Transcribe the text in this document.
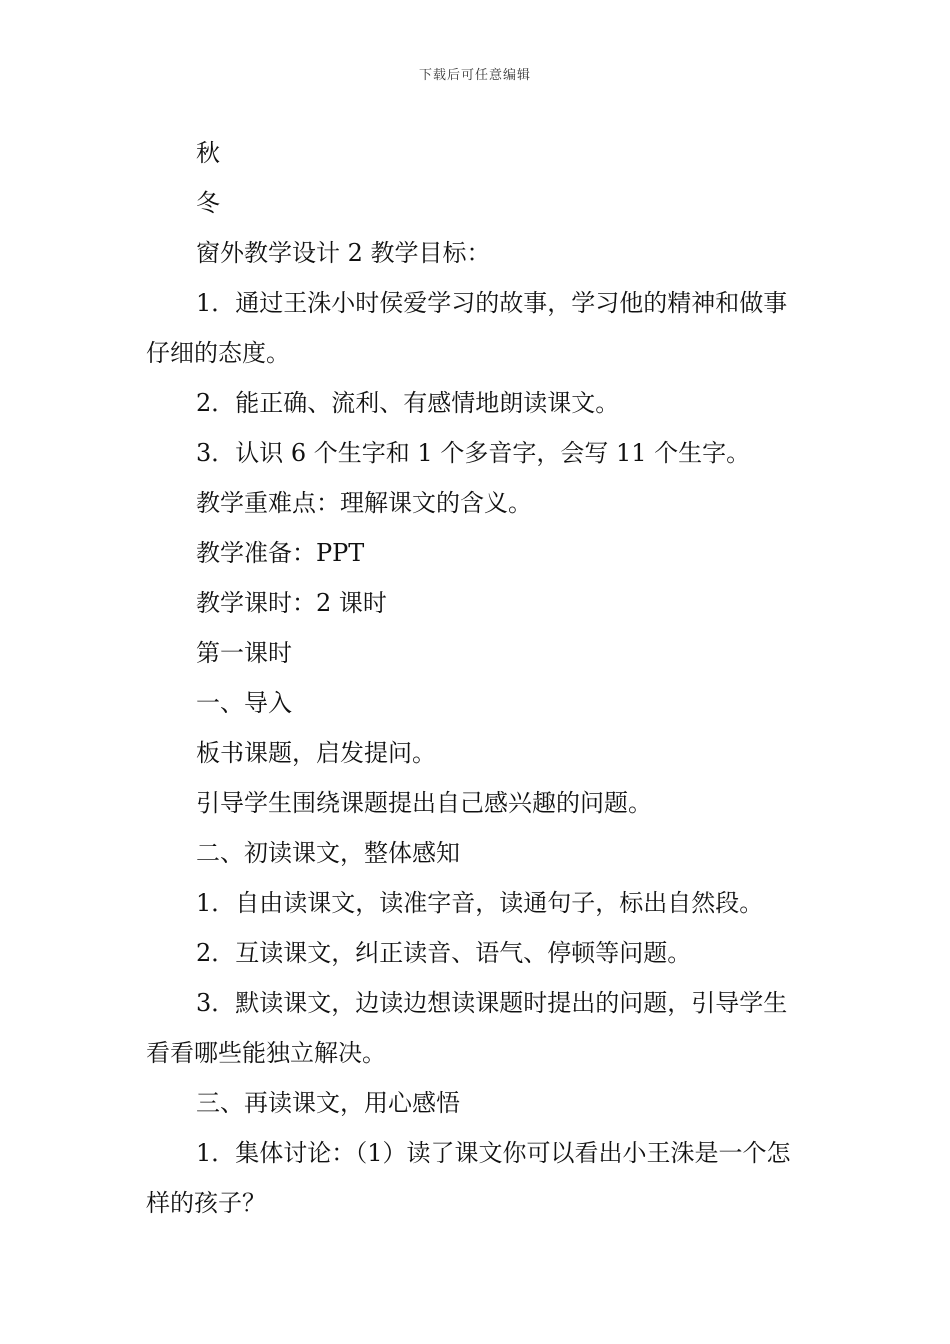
下载后可任意编辑

秋

冬

窗外教学设计 2 教学目标：

1．通过王洙小时侯爱学习的故事，学习他的精神和做事仔细的态度。

2．能正确、流利、有感情地朗读课文。

3．认识 6 个生字和 1 个多音字，会写 11 个生字。

教学重难点：理解课文的含义。

教学准备：PPT

教学课时：2 课时

第一课时

一、导入

板书课题，启发提问。

引导学生围绕课题提出自己感兴趣的问题。

二、初读课文，整体感知

1．自由读课文，读准字音，读通句子，标出自然段。

2．互读课文，纠正读音、语气、停顿等问题。

3．默读课文，边读边想读课题时提出的问题，引导学生看看哪些能独立解决。

三、再读课文，用心感悟

1．集体讨论：（1）读了课文你可以看出小王洙是一个怎样的孩子？
